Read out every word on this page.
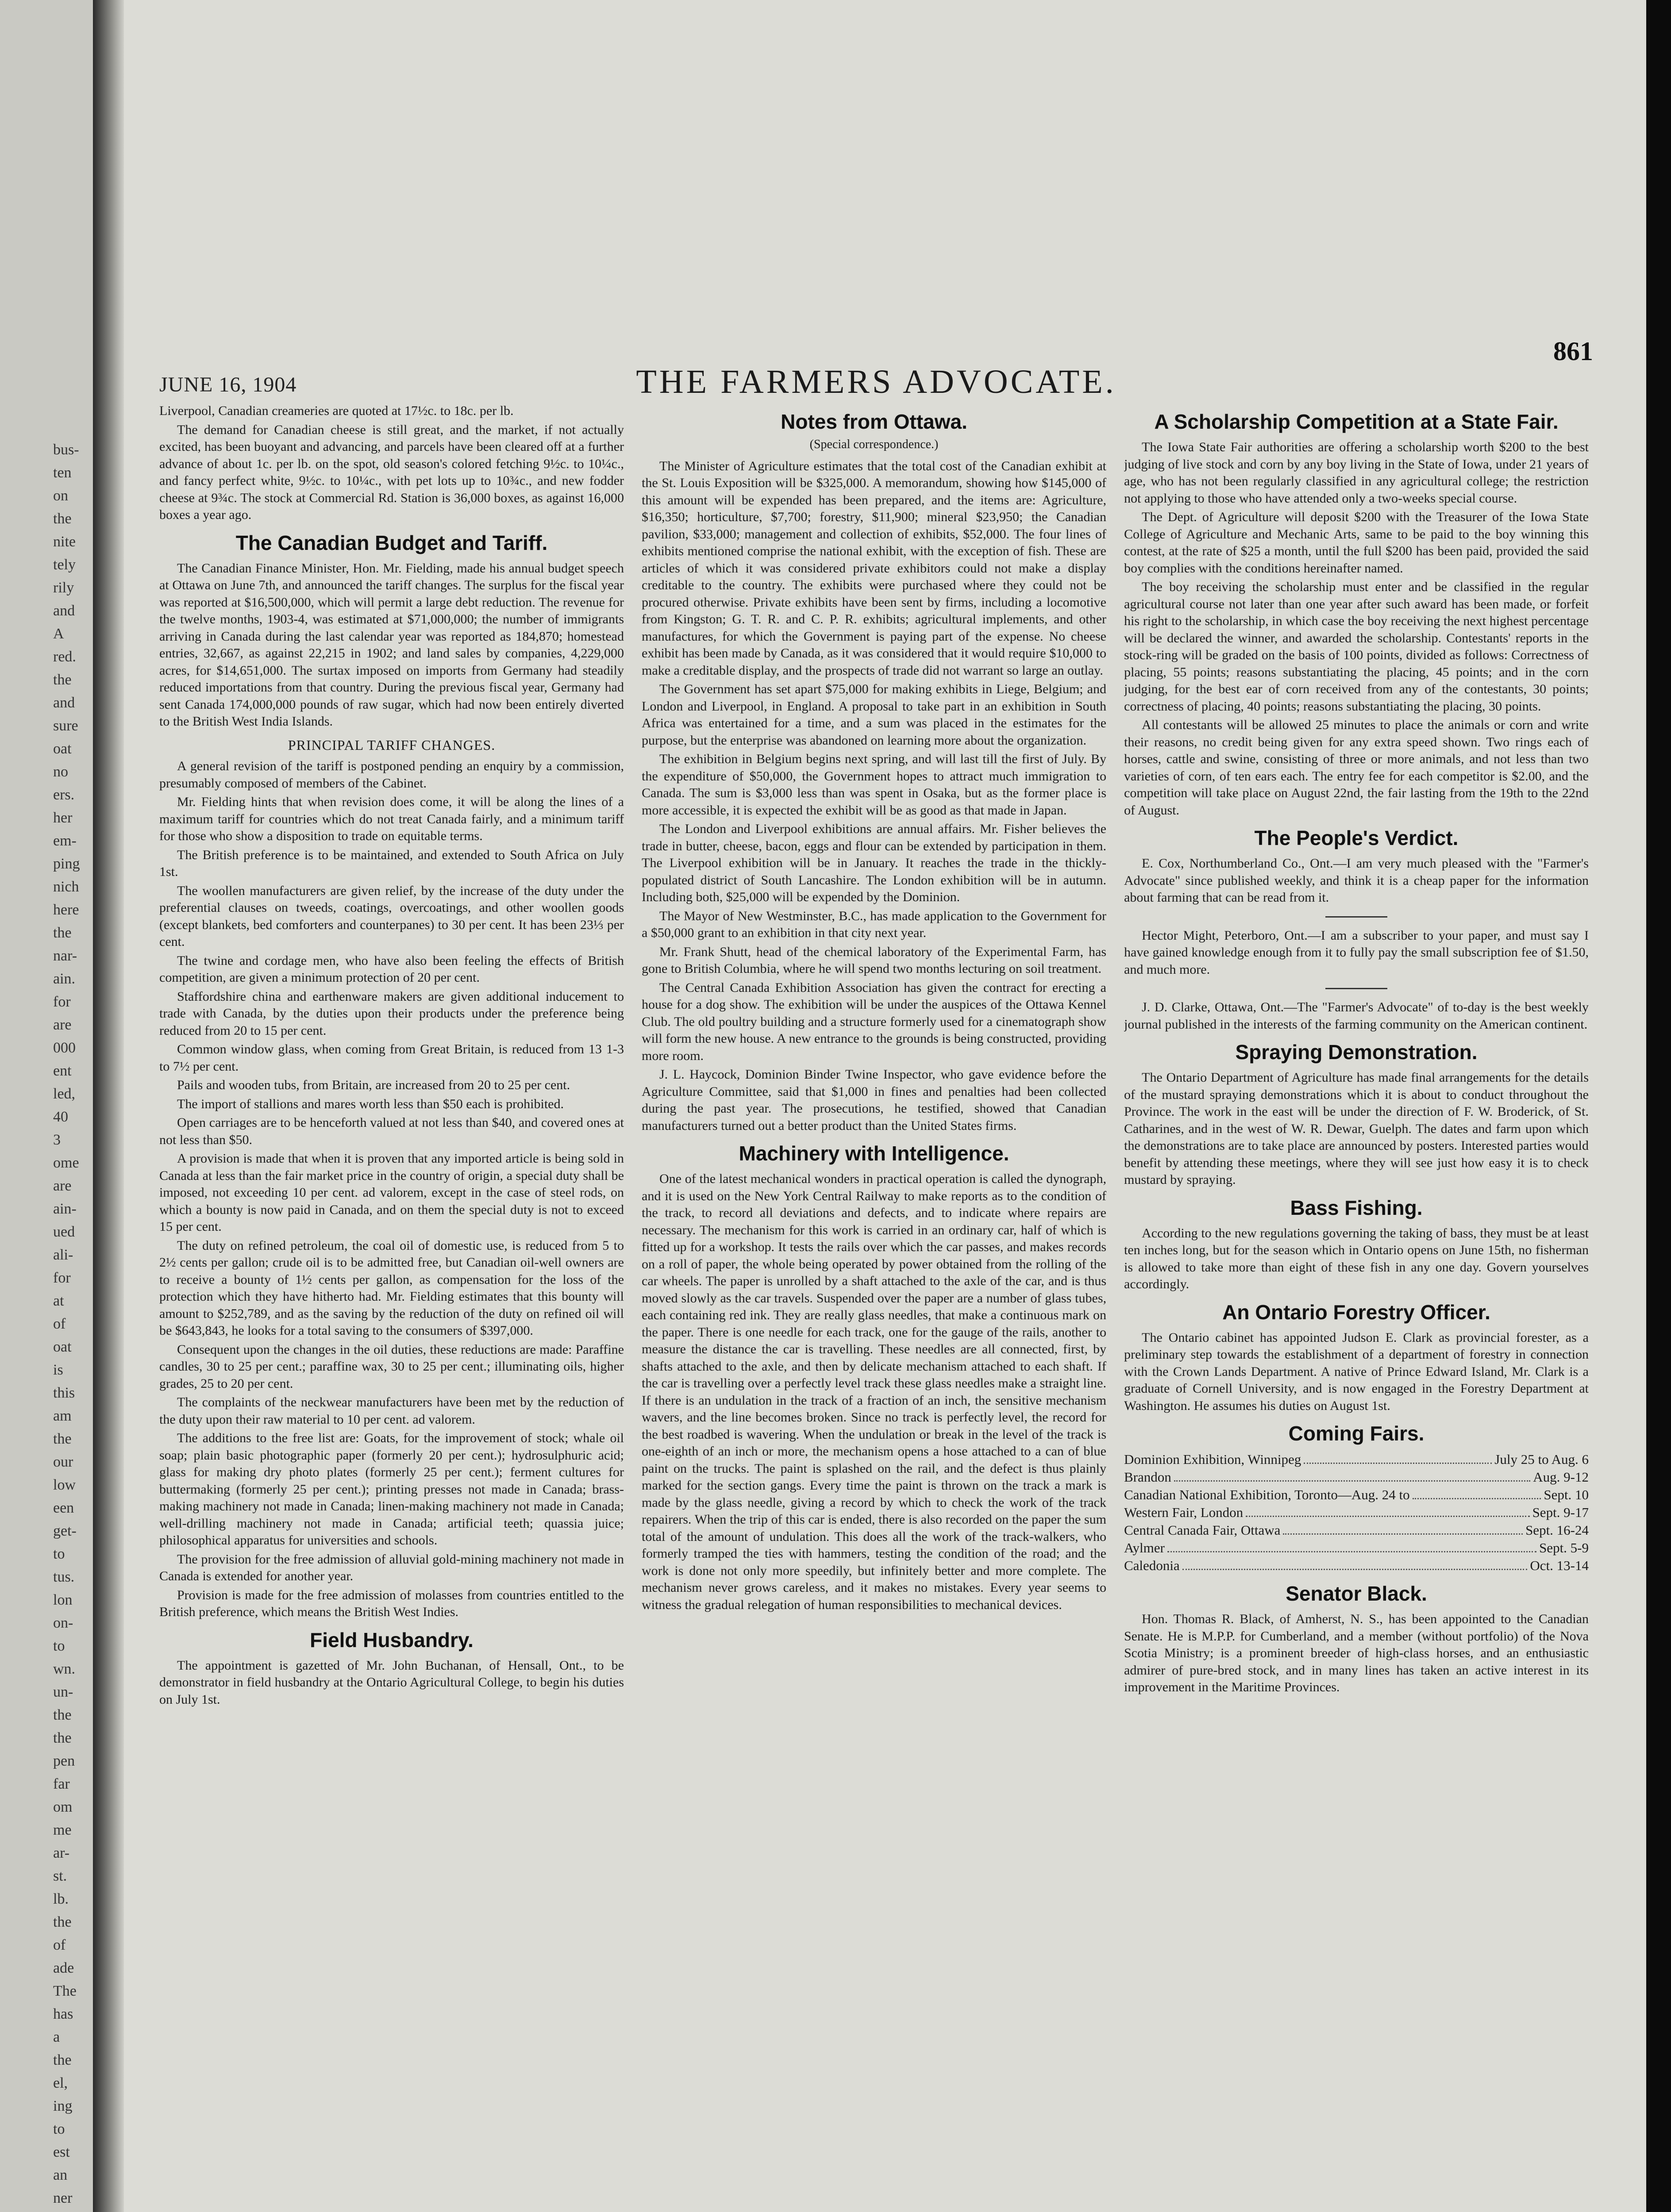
bus-
ten
on
the
nite
tely
rily
and
A
red.
the
and
sure
oat
no
ers.
her
em-
ping
nich
here
the
nar-
ain.
for
are
000
ent
led,
40
3
ome
are
ain-
ued
ali-
for
at
of
oat
is
this
am
the
our
low
een
get-
to
tus.
lon
on-
to
wn.
un-
the
the
pen
far
om
me
ar-
st.
lb.
the
of
ade
The
has
a
the
el,
ing
to
est
an
ner
JUNE 16, 1904	THE FARMERS ADVOCATE.
861

Liverpool, Canadian creameries are quoted at 17½c. to 18c. per lb.

The demand for Canadian cheese is still great, and the market, if not actually excited, has been buoyant and advancing, and parcels have been cleared off at a further advance of about 1c. per lb. on the spot, old season's colored fetching 9½c. to 10¼c., and fancy perfect white, 9½c. to 10¼c., with pet lots up to 10¾c., and new fodder cheese at 9¾c. The stock at Commercial Rd. Station is 36,000 boxes, as against 16,000 boxes a year ago.

The Canadian Budget and Tariff.

The Canadian Finance Minister, Hon. Mr. Fielding, made his annual budget speech at Ottawa on June 7th, and announced the tariff changes. The surplus for the fiscal year was reported at $16,500,000, which will permit a large debt reduction. The revenue for the twelve months, 1903-4, was estimated at $71,000,000; the number of immigrants arriving in Canada during the last calendar year was reported as 184,870; homestead entries, 32,667, as against 22,215 in 1902; and land sales by companies, 4,229,000 acres, for $14,651,000. The surtax imposed on imports from Germany had steadily reduced importations from that country. During the previous fiscal year, Germany had sent Canada 174,000,000 pounds of raw sugar, which had now been entirely diverted to the British West India Islands.

PRINCIPAL TARIFF CHANGES.

A general revision of the tariff is postponed pending an enquiry by a commission, presumably composed of members of the Cabinet.

Mr. Fielding hints that when revision does come, it will be along the lines of a maximum tariff for countries which do not treat Canada fairly, and a minimum tariff for those who show a disposition to trade on equitable terms.

The British preference is to be maintained, and extended to South Africa on July 1st.

The woollen manufacturers are given relief, by the increase of the duty under the preferential clauses on tweeds, coatings, overcoatings, and other woollen goods (except blankets, bed comforters and counterpanes) to 30 per cent. It has been 23⅓ per cent.

The twine and cordage men, who have also been feeling the effects of British competition, are given a minimum protection of 20 per cent.

Staffordshire china and earthenware makers are given additional inducement to trade with Canada, by the duties upon their products under the preference being reduced from 20 to 15 per cent.

Common window glass, when coming from Great Britain, is reduced from 13 1-3 to 7½ per cent.

Pails and wooden tubs, from Britain, are increased from 20 to 25 per cent.

The import of stallions and mares worth less than $50 each is prohibited.

Open carriages are to be henceforth valued at not less than $40, and covered ones at not less than $50.

A provision is made that when it is proven that any imported article is being sold in Canada at less than the fair market price in the country of origin, a special duty shall be imposed, not exceeding 10 per cent. ad valorem, except in the case of steel rods, on which a bounty is now paid in Canada, and on them the special duty is not to exceed 15 per cent.

The duty on refined petroleum, the coal oil of domestic use, is reduced from 5 to 2½ cents per gallon; crude oil is to be admitted free, but Canadian oil-well owners are to receive a bounty of 1½ cents per gallon, as compensation for the loss of the protection which they have hitherto had. Mr. Fielding estimates that this bounty will amount to $252,789, and as the saving by the reduction of the duty on refined oil will be $643,843, he looks for a total saving to the consumers of $397,000.

Consequent upon the changes in the oil duties, these reductions are made: Paraffine candles, 30 to 25 per cent.; paraffine wax, 30 to 25 per cent.; illuminating oils, higher grades, 25 to 20 per cent.

The complaints of the neckwear manufacturers have been met by the reduction of the duty upon their raw material to 10 per cent. ad valorem.

The additions to the free list are: Goats, for the improvement of stock; whale oil soap; plain basic photographic paper (formerly 20 per cent.); hydrosulphuric acid; glass for making dry photo plates (formerly 25 per cent.); ferment cultures for buttermaking (formerly 25 per cent.); printing presses not made in Canada; brass-making machinery not made in Canada; linen-making machinery not made in Canada; well-drilling machinery not made in Canada; artificial teeth; quassia juice; philosophical apparatus for universities and schools.

The provision for the free admission of alluvial gold-mining machinery not made in Canada is extended for another year.

Provision is made for the free admission of molasses from countries entitled to the British preference, which means the British West Indies.

Field Husbandry.

The appointment is gazetted of Mr. John Buchanan, of Hensall, Ont., to be demonstrator in field husbandry at the Ontario Agricultural College, to begin his duties on July 1st.

Notes from Ottawa.
(Special correspondence.)

The Minister of Agriculture estimates that the total cost of the Canadian exhibit at the St. Louis Exposition will be $325,000. A memorandum, showing how $145,000 of this amount will be expended has been prepared, and the items are: Agriculture, $16,350; horticulture, $7,700; forestry, $11,900; mineral $23,950; the Canadian pavilion, $33,000; management and collection of exhibits, $52,000. The four lines of exhibits mentioned comprise the national exhibit, with the exception of fish. These are articles of which it was considered private exhibitors could not make a display creditable to the country. The exhibits were purchased where they could not be procured otherwise. Private exhibits have been sent by firms, including a locomotive from Kingston; G. T. R. and C. P. R. exhibits; agricultural implements, and other manufactures, for which the Government is paying part of the expense. No cheese exhibit has been made by Canada, as it was considered that it would require $10,000 to make a creditable display, and the prospects of trade did not warrant so large an outlay.

The Government has set apart $75,000 for making exhibits in Liege, Belgium; and London and Liverpool, in England. A proposal to take part in an exhibition in South Africa was entertained for a time, and a sum was placed in the estimates for the purpose, but the enterprise was abandoned on learning more about the organization.

The exhibition in Belgium begins next spring, and will last till the first of July. By the expenditure of $50,000, the Government hopes to attract much immigration to Canada. The sum is $3,000 less than was spent in Osaka, but as the former place is more accessible, it is expected the exhibit will be as good as that made in Japan.

The London and Liverpool exhibitions are annual affairs. Mr. Fisher believes the trade in butter, cheese, bacon, eggs and flour can be extended by participation in them. The Liverpool exhibition will be in January. It reaches the trade in the thickly-populated district of South Lancashire. The London exhibition will be in autumn. Including both, $25,000 will be expended by the Dominion.

The Mayor of New Westminster, B.C., has made application to the Government for a $50,000 grant to an exhibition in that city next year.

Mr. Frank Shutt, head of the chemical laboratory of the Experimental Farm, has gone to British Columbia, where he will spend two months lecturing on soil treatment.

The Central Canada Exhibition Association has given the contract for erecting a house for a dog show. The exhibition will be under the auspices of the Ottawa Kennel Club. The old poultry building and a structure formerly used for a cinematograph show will form the new house. A new entrance to the grounds is being constructed, providing more room.

J. L. Haycock, Dominion Binder Twine Inspector, who gave evidence before the Agriculture Committee, said that $1,000 in fines and penalties had been collected during the past year. The prosecutions, he testified, showed that Canadian manufacturers turned out a better product than the United States firms.

Machinery with Intelligence.

One of the latest mechanical wonders in practical operation is called the dynograph, and it is used on the New York Central Railway to make reports as to the condition of the track, to record all deviations and defects, and to indicate where repairs are necessary. The mechanism for this work is carried in an ordinary car, half of which is fitted up for a workshop. It tests the rails over which the car passes, and makes records on a roll of paper, the whole being operated by power obtained from the rolling of the car wheels. The paper is unrolled by a shaft attached to the axle of the car, and is thus moved slowly as the car travels. Suspended over the paper are a number of glass tubes, each containing red ink. They are really glass needles, that make a continuous mark on the paper. There is one needle for each track, one for the gauge of the rails, another to measure the distance the car is travelling. These needles are all connected, first, by shafts attached to the axle, and then by delicate mechanism attached to each shaft. If the car is travelling over a perfectly level track these glass needles make a straight line. If there is an undulation in the track of a fraction of an inch, the sensitive mechanism wavers, and the line becomes broken. Since no track is perfectly level, the record for the best roadbed is wavering. When the undulation or break in the level of the track is one-eighth of an inch or more, the mechanism opens a hose attached to a can of blue paint on the trucks. The paint is splashed on the rail, and the defect is thus plainly marked for the section gangs. Every time the paint is thrown on the track a mark is made by the glass needle, giving a record by which to check the work of the track repairers. When the trip of this car is ended, there is also recorded on the paper the sum total of the amount of undulation. This does all the work of the track-walkers, who formerly tramped the ties with hammers, testing the condition of the road; and the work is done not only more speedily, but infinitely better and more complete. The mechanism never grows careless, and it makes no mistakes. Every year seems to witness the gradual relegation of human responsibilities to mechanical devices.

A Scholarship Competition at a State Fair.

The Iowa State Fair authorities are offering a scholarship worth $200 to the best judging of live stock and corn by any boy living in the State of Iowa, under 21 years of age, who has not been regularly classified in any agricultural college; the restriction not applying to those who have attended only a two-weeks special course.

The Dept. of Agriculture will deposit $200 with the Treasurer of the Iowa State College of Agriculture and Mechanic Arts, same to be paid to the boy winning this contest, at the rate of $25 a month, until the full $200 has been paid, provided the said boy complies with the conditions hereinafter named.

The boy receiving the scholarship must enter and be classified in the regular agricultural course not later than one year after such award has been made, or forfeit his right to the scholarship, in which case the boy receiving the next highest percentage will be declared the winner, and awarded the scholarship. Contestants' reports in the stock-ring will be graded on the basis of 100 points, divided as follows: Correctness of placing, 55 points; reasons substantiating the placing, 45 points; and in the corn judging, for the best ear of corn received from any of the contestants, 30 points; correctness of placing, 40 points; reasons substantiating the placing, 30 points.

All contestants will be allowed 25 minutes to place the animals or corn and write their reasons, no credit being given for any extra speed shown. Two rings each of horses, cattle and swine, consisting of three or more animals, and not less than two varieties of corn, of ten ears each. The entry fee for each competitor is $2.00, and the competition will take place on August 22nd, the fair lasting from the 19th to the 22nd of August.

The People's Verdict.

E. Cox, Northumberland Co., Ont.—I am very much pleased with the "Farmer's Advocate" since published weekly, and think it is a cheap paper for the information about farming that can be read from it.

Hector Might, Peterboro, Ont.—I am a subscriber to your paper, and must say I have gained knowledge enough from it to fully pay the small subscription fee of $1.50, and much more.

J. D. Clarke, Ottawa, Ont.—The "Farmer's Advocate" of to-day is the best weekly journal published in the interests of the farming community on the American continent.

Spraying Demonstration.

The Ontario Department of Agriculture has made final arrangements for the details of the mustard spraying demonstrations which it is about to conduct throughout the Province. The work in the east will be under the direction of F. W. Broderick, of St. Catharines, and in the west of W. R. Dewar, Guelph. The dates and farm upon which the demonstrations are to take place are announced by posters. Interested parties would benefit by attending these meetings, where they will see just how easy it is to check mustard by spraying.

Bass Fishing.

According to the new regulations governing the taking of bass, they must be at least ten inches long, but for the season which in Ontario opens on June 15th, no fisherman is allowed to take more than eight of these fish in any one day. Govern yourselves accordingly.

An Ontario Forestry Officer.

The Ontario cabinet has appointed Judson E. Clark as provincial forester, as a preliminary step towards the establishment of a department of forestry in connection with the Crown Lands Department. A native of Prince Edward Island, Mr. Clark is a graduate of Cornell University, and is now engaged in the Forestry Department at Washington. He assumes his duties on August 1st.

Coming Fairs.
Dominion Exhibition, Winnipeg	July 25 to Aug. 6
Brandon	Aug. 9-12
Canadian National Exhibition, Toronto—Aug. 24 to	Sept. 10
Western Fair, London	Sept. 9-17
Central Canada Fair, Ottawa	Sept. 16-24
Aylmer	Sept. 5-9
Caledonia	Oct. 13-14
Senator Black.

Hon. Thomas R. Black, of Amherst, N. S., has been appointed to the Canadian Senate. He is M.P.P. for Cumberland, and a member (without portfolio) of the Nova Scotia Ministry; is a prominent breeder of high-class horses, and an enthusiastic admirer of pure-bred stock, and in many lines has taken an active interest in its improvement in the Maritime Provinces.
